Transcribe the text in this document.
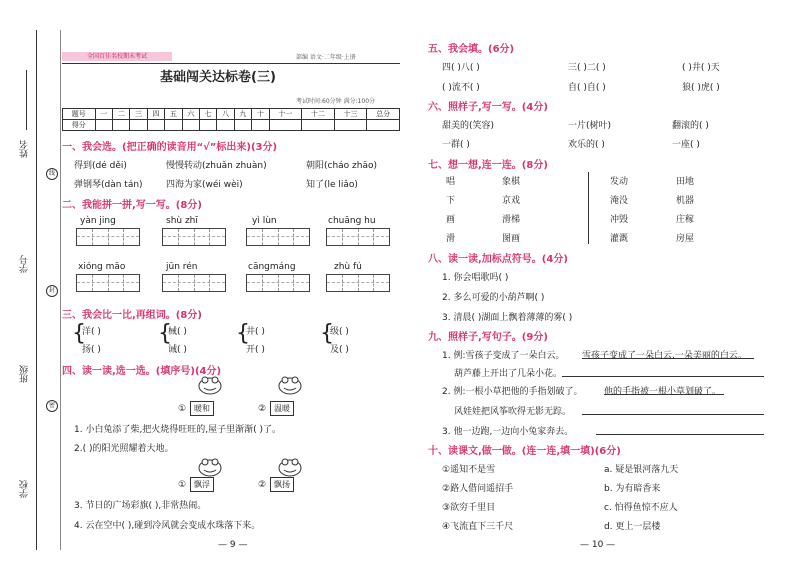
姓名
学号
班级
学校
线
封
密
全国百佳名校期末考试	部编 语文·二年级·上册
基础闯关达标卷(三)
考试时间:60分钟 满分:100分
题号	一	二	三	四	五	六	七	八	九	十	十一	十二	十三	总分
得分														
一、我会选。(把正确的读音用“√”标出来)(3分)
得到(dé děi)	慢慢转动(zhuǎn zhuàn)	朝阳(cháo zhāo)
弹钢琴(dàn tán)	四海为家(wéi wèi)	知了(le liǎo)
二、我能拼一拼,写一写。(8分)
yàn jing	shù zhī	yì lùn	chuāng hu
xióng māo	jūn rén	cāngmáng	zhù fú
三、我会比一比,再组词。(8分)
{
洋( )
扬( )
{
械( )
诫( )
{
井( )
开( )
{
级( )
及( )
四、读一读,选一选。(填序号)(4分)
① 暖和	② 温暖
1. 小白兔添了柴,把火烧得旺旺的,屋子里渐渐( )了。
2.( )的阳光照耀着大地。
① 飘浮	② 飘扬
3. 节日的广场彩旗( ),非常热闹。
4. 云在空中( ),碰到冷风就会变成水珠落下来。
— 9 —
五、我会填。(6分)
四( )八( )	三( )二( )	( )井( )天
( )流不( )	自( )自( )	狼( )虎( )
六、照样子,写一写。(4分)
甜美的(笑容)	一片(树叶)	翻滚的( )
一群( )	欢乐的( )	一座( )
七、想一想,连一连。(8分)
唱
下
画
滑
象棋
京戏
滑梯
图画
发动
淹没
冲毁
灌溉
田地
机器
庄稼
房屋
八、读一读,加标点符号。(4分)
1. 你会唱歌吗( )
2. 多么可爱的小葫芦啊( )
3. 清晨( )湖面上飘着薄薄的雾( )
九、照样子,写句子。(9分)
1. 例:雪孩子变成了一朵白云。 雪孩子变成了一朵白云,一朵美丽的白云。
葫芦藤上开出了几朵小花。
2. 例:一根小草把他的手指划破了。 他的手指被一根小草划破了。
风娃娃把风筝吹得无影无踪。
3. 他一边跑,一边向小兔家奔去。
十、读课文,做一做。(连一连,填一填)(6分)
①遥知不是雪
②路人借问遥招手
③欲穷千里目
④飞流直下三千尺
a. 疑是银河落九天
b. 为有暗香来
c. 怕得鱼惊不应人
d. 更上一层楼
— 10 —
